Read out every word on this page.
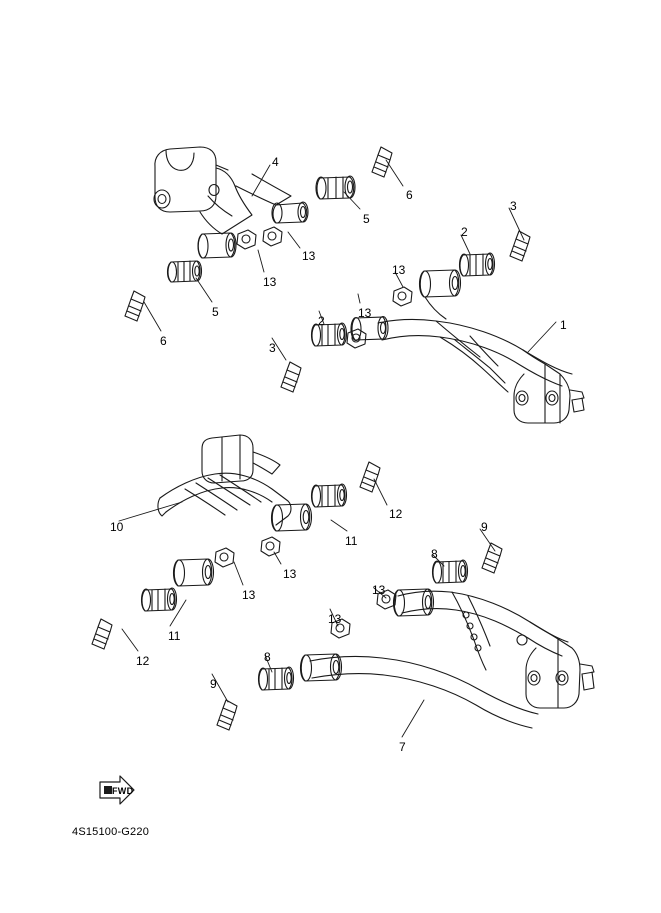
FWD
4S15100-G220
4
6
5
3
2
13
13
13
13
1
5
6
2
3
12
10
11
9
8
13
13	13
13
11
12	8
9
7
